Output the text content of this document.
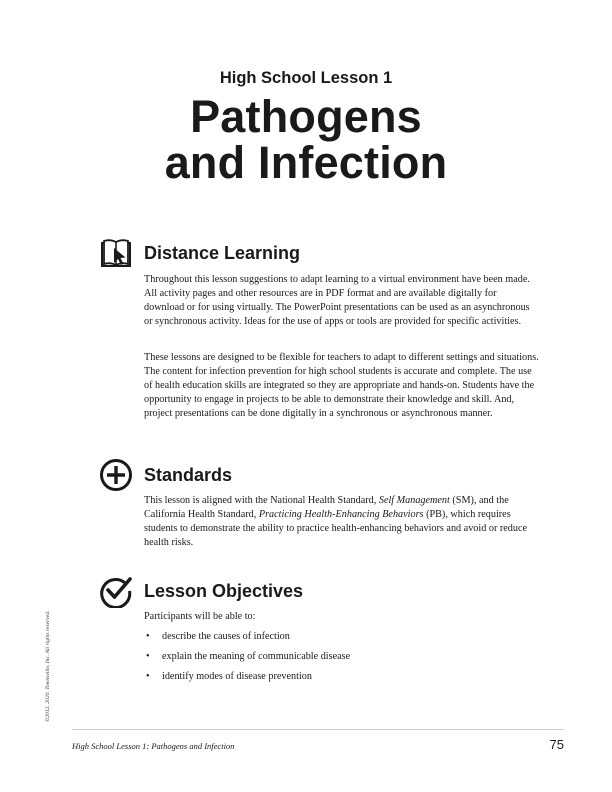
High School Lesson 1
Pathogens
and Infection
Distance Learning

Throughout this lesson suggestions to adapt learning to a virtual environment have been made. All activity pages and other resources are in PDF format and are available digitally for download or for using virtually. The PowerPoint presentations can be used as an asynchronous or synchronous activity. Ideas for the use of apps or tools are provided for specific activities.

These lessons are designed to be flexible for teachers to adapt to different settings and situations. The content for infection prevention for high school students is accurate and complete. The use of health education skills are integrated so they are appropriate and hands-on. Students have the opportunity to engage in projects to be able to demonstrate their knowledge and skill. And, project presentations can be done digitally in a synchronous or asynchronous manner.

Standards

This lesson is aligned with the National Health Standard, Self Management (SM), and the California Health Standard, Practicing Health-Enhancing Behaviors (PB), which requires students to demonstrate the ability to practice health-enhancing behaviors and avoid or reduce health risks.

Lesson Objectives

Participants will be able to:

• describe the causes of infection
• explain the meaning of communicable disease
• identify modes of disease prevention
©2012, 2020. Townsville, Inc. All rights reserved.
High School Lesson 1: Pathogens and Infection	75
